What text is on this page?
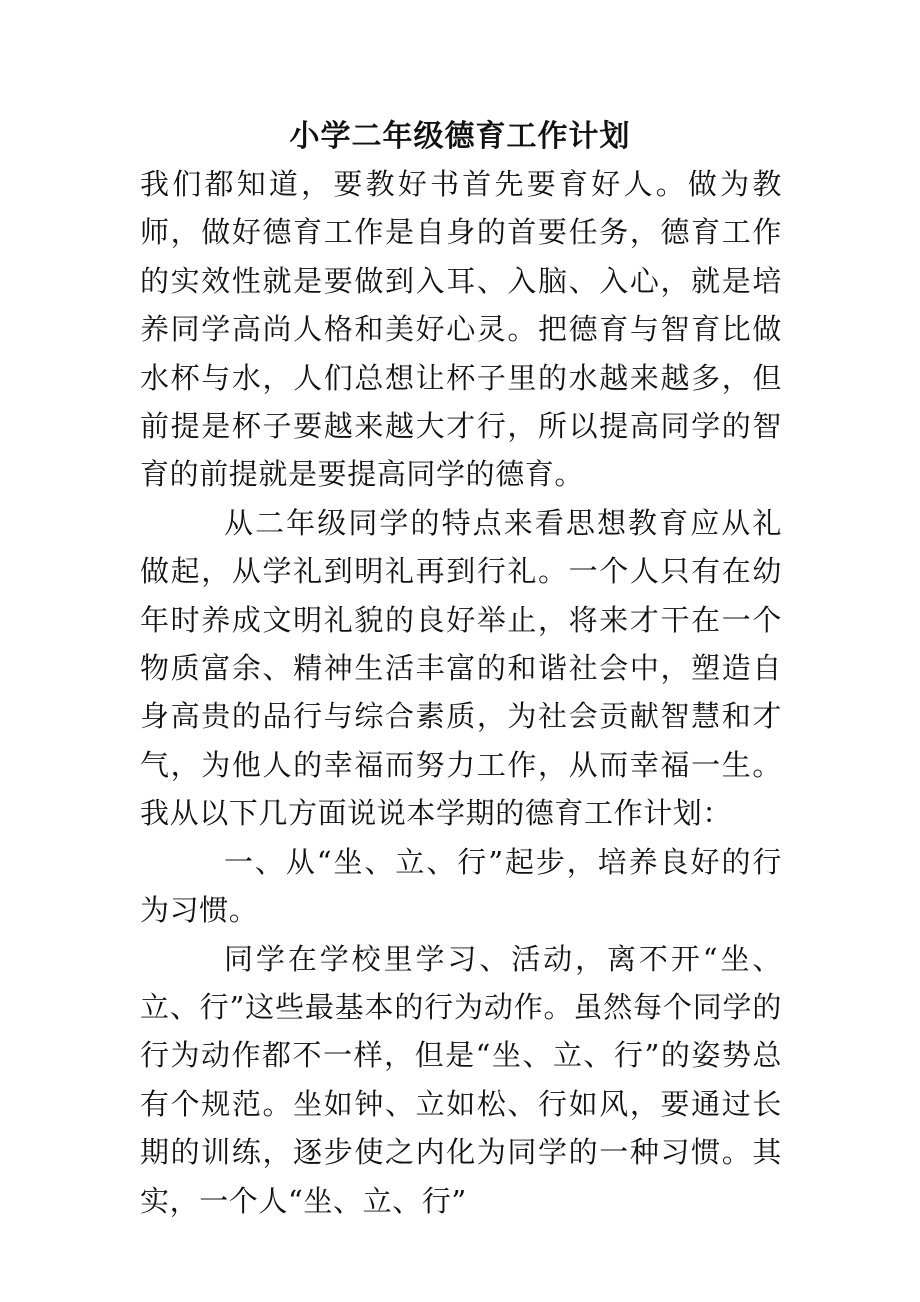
小学二年级德育工作计划

我们都知道，要教好书首先要育好人。做为教师，做好德育工作是自身的首要任务，德育工作的实效性就是要做到入耳、入脑、入心，就是培养同学高尚人格和美好心灵。把德育与智育比做水杯与水，人们总想让杯子里的水越来越多，但前提是杯子要越来越大才行，所以提高同学的智育的前提就是要提高同学的德育。

从二年级同学的特点来看思想教育应从礼做起，从学礼到明礼再到行礼。一个人只有在幼年时养成文明礼貌的良好举止，将来才干在一个物质富余、精神生活丰富的和谐社会中，塑造自身高贵的品行与综合素质，为社会贡献智慧和才气，为他人的幸福而努力工作，从而幸福一生。我从以下几方面说说本学期的德育工作计划：

一、从“坐、立、行”起步，培养良好的行为习惯。

同学在学校里学习、活动，离不开“坐、立、行”这些最基本的行为动作。虽然每个同学的行为动作都不一样，但是“坐、立、行”的姿势总有个规范。坐如钟、立如松、行如风，要通过长期的训练，逐步使之内化为同学的一种习惯。其实，一个人“坐、立、行”
